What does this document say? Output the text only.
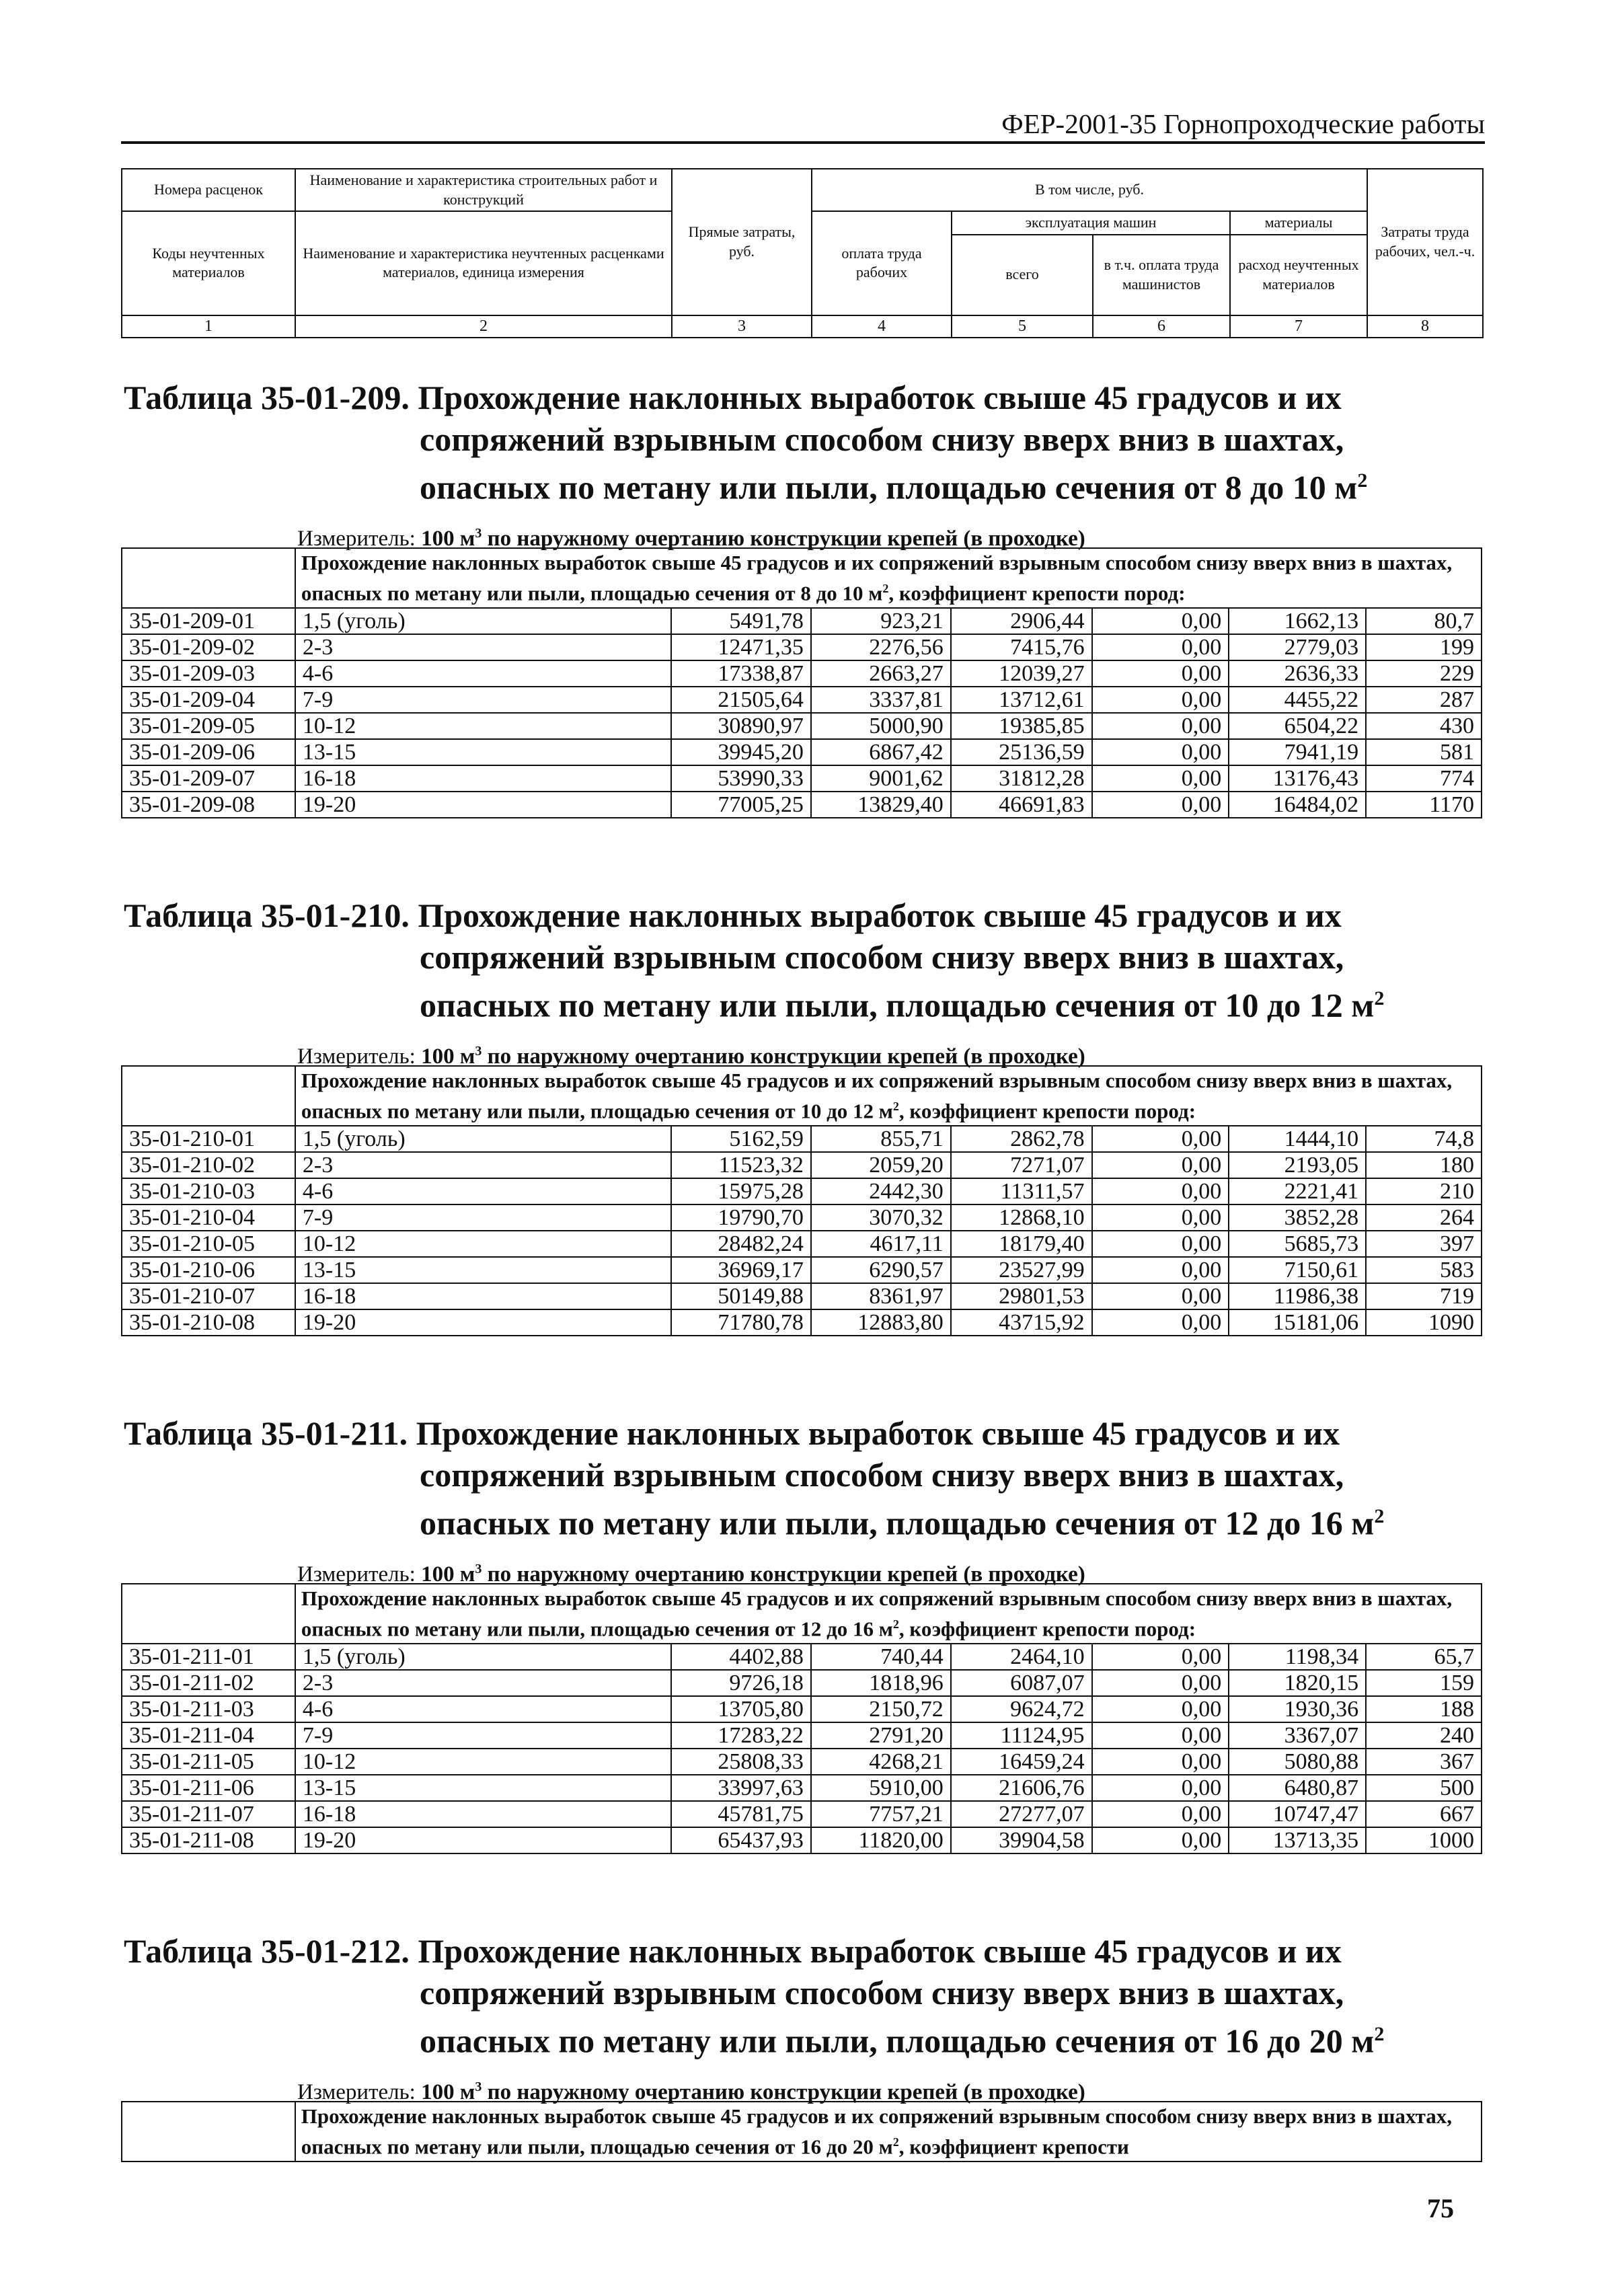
ФЕР-2001-35 Горнопроходческие работы
Номера расценок	Наименование и характеристика строительных работ и конструкций	Прямые затраты, руб.	В том числе, руб.				Затраты труда рабочих, чел.-ч.
Коды неучтенных материалов	Наименование и характеристика неучтенных расценками материалов, единица измерения		оплата труда рабочих	эксплуатация машин		материалы	
				всего	в т.ч. оплата труда машинистов	расход неучтенных материалов	
1	2	3	4	5	6	7	8
Таблица 35-01-209. Прохождение наклонных выработок свыше 45 градусов и их сопряжений взрывным способом снизу вверх вниз в шахтах, опасных по метану или пыли, площадью сечения от 8 до 10 $м^2$
Измеритель: 100 $м^3$ по наружному очертанию конструкции крепей (в проходке)
	Прохождение наклонных выработок свыше 45 градусов и их сопряжений взрывным способом снизу вверх вниз в шахтах, опасных по метану или пыли, площадью сечения от 8 до 10 $м^2$, коэффициент крепости пород:						
35-01-209-01	1,5 (уголь)	5491,78	923,21	2906,44	0,00	1662,13	80,7
35-01-209-02	2-3	12471,35	2276,56	7415,76	0,00	2779,03	199
35-01-209-03	4-6	17338,87	2663,27	12039,27	0,00	2636,33	229
35-01-209-04	7-9	21505,64	3337,81	13712,61	0,00	4455,22	287
35-01-209-05	10-12	30890,97	5000,90	19385,85	0,00	6504,22	430
35-01-209-06	13-15	39945,20	6867,42	25136,59	0,00	7941,19	581
35-01-209-07	16-18	53990,33	9001,62	31812,28	0,00	13176,43	774
35-01-209-08	19-20	77005,25	13829,40	46691,83	0,00	16484,02	1170
Таблица 35-01-210. Прохождение наклонных выработок свыше 45 градусов и их сопряжений взрывным способом снизу вверх вниз в шахтах, опасных по метану или пыли, площадью сечения от 10 до 12 $м^2$
Измеритель: 100 $м^3$ по наружному очертанию конструкции крепей (в проходке)
	Прохождение наклонных выработок свыше 45 градусов и их сопряжений взрывным способом снизу вверх вниз в шахтах, опасных по метану или пыли, площадью сечения от 10 до 12 $м^2$, коэффициент крепости пород:						
35-01-210-01	1,5 (уголь)	5162,59	855,71	2862,78	0,00	1444,10	74,8
35-01-210-02	2-3	11523,32	2059,20	7271,07	0,00	2193,05	180
35-01-210-03	4-6	15975,28	2442,30	11311,57	0,00	2221,41	210
35-01-210-04	7-9	19790,70	3070,32	12868,10	0,00	3852,28	264
35-01-210-05	10-12	28482,24	4617,11	18179,40	0,00	5685,73	397
35-01-210-06	13-15	36969,17	6290,57	23527,99	0,00	7150,61	583
35-01-210-07	16-18	50149,88	8361,97	29801,53	0,00	11986,38	719
35-01-210-08	19-20	71780,78	12883,80	43715,92	0,00	15181,06	1090
Таблица 35-01-211. Прохождение наклонных выработок свыше 45 градусов и их сопряжений взрывным способом снизу вверх вниз в шахтах, опасных по метану или пыли, площадью сечения от 12 до 16 $м^2$
Измеритель: 100 $м^3$ по наружному очертанию конструкции крепей (в проходке)
	Прохождение наклонных выработок свыше 45 градусов и их сопряжений взрывным способом снизу вверх вниз в шахтах, опасных по метану или пыли, площадью сечения от 12 до 16 $м^2$, коэффициент крепости пород:						
35-01-211-01	1,5 (уголь)	4402,88	740,44	2464,10	0,00	1198,34	65,7
35-01-211-02	2-3	9726,18	1818,96	6087,07	0,00	1820,15	159
35-01-211-03	4-6	13705,80	2150,72	9624,72	0,00	1930,36	188
35-01-211-04	7-9	17283,22	2791,20	11124,95	0,00	3367,07	240
35-01-211-05	10-12	25808,33	4268,21	16459,24	0,00	5080,88	367
35-01-211-06	13-15	33997,63	5910,00	21606,76	0,00	6480,87	500
35-01-211-07	16-18	45781,75	7757,21	27277,07	0,00	10747,47	667
35-01-211-08	19-20	65437,93	11820,00	39904,58	0,00	13713,35	1000
Таблица 35-01-212. Прохождение наклонных выработок свыше 45 градусов и их сопряжений взрывным способом снизу вверх вниз в шахтах, опасных по метану или пыли, площадью сечения от 16 до 20 $м^2$
Измеритель: 100 $м^3$ по наружному очертанию конструкции крепей (в проходке)
	Прохождение наклонных выработок свыше 45 градусов и их сопряжений взрывным способом снизу вверх вниз в шахтах, опасных по метану или пыли, площадью сечения от 16 до 20 $м^2$, коэффициент крепости
75
